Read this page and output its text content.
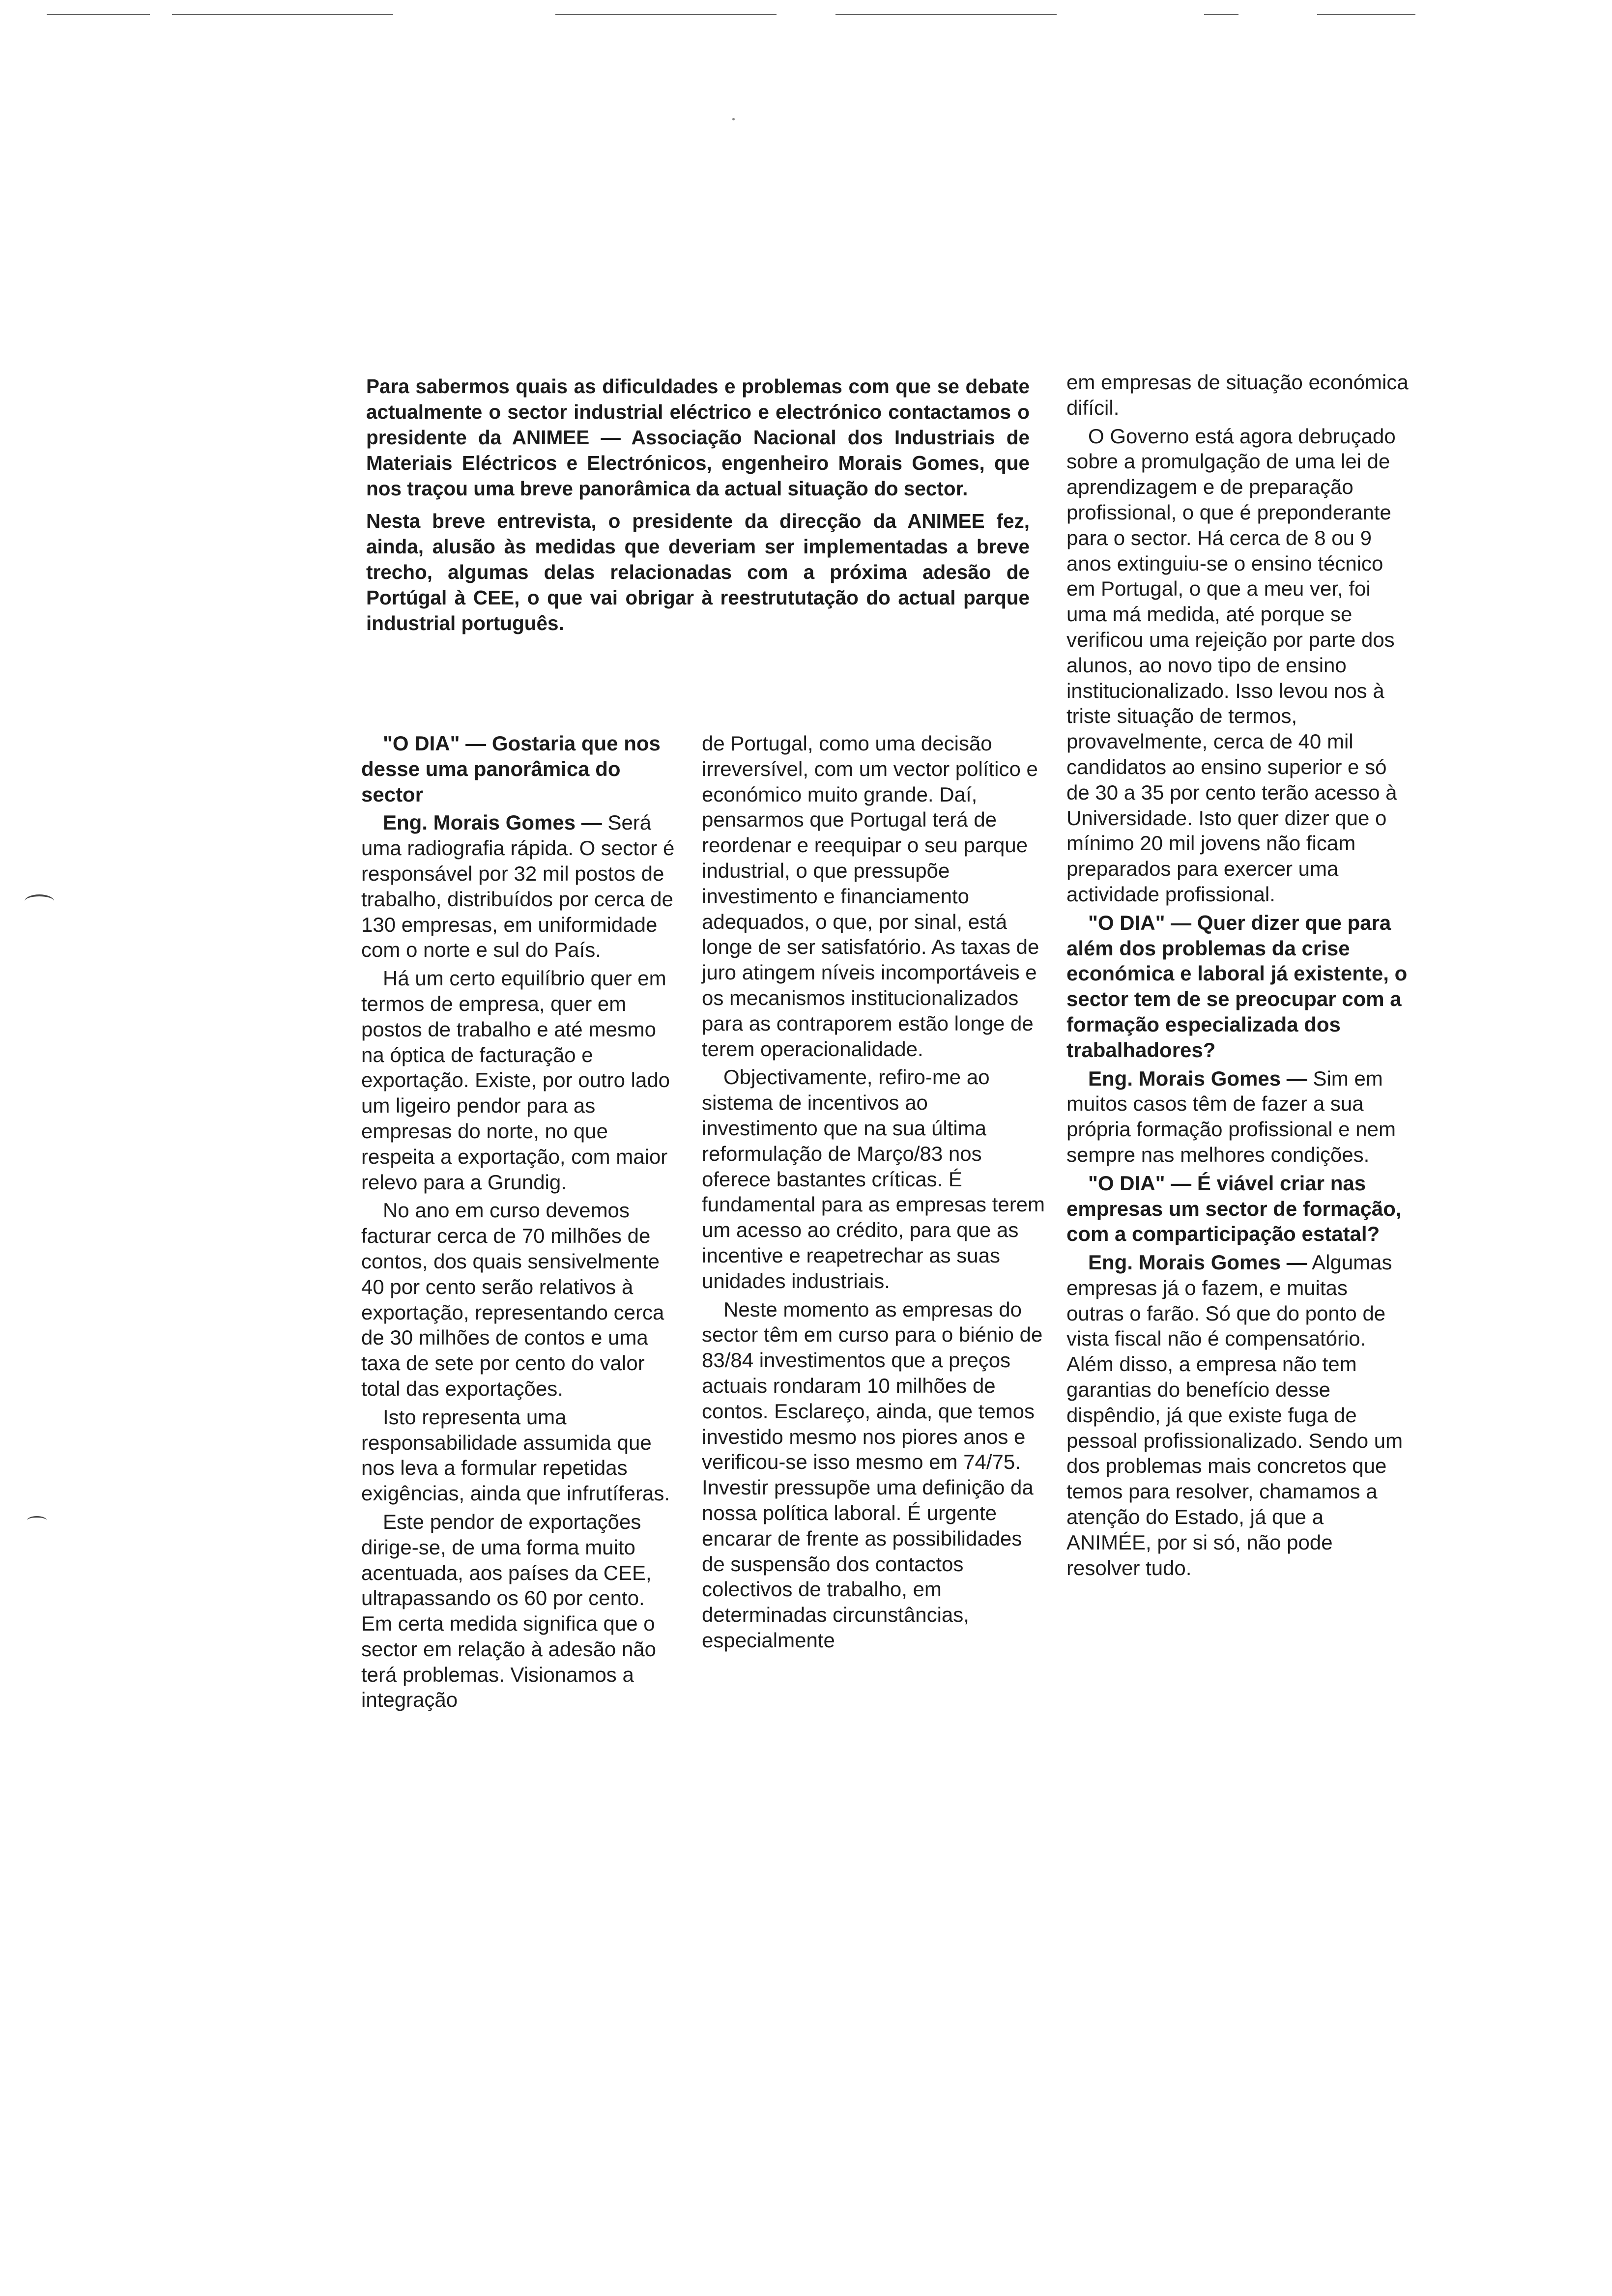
Para sabermos quais as dificuldades e problemas com que se debate actualmente o sector industrial eléctrico e electrónico contactamos o presidente da ANIMEE — Associação Nacional dos Industriais de Materiais Eléctricos e Electrónicos, engenheiro Morais Gomes, que nos traçou uma breve panorâmica da actual situação do sector.

Nesta breve entrevista, o presidente da direcção da ANIMEE fez, ainda, alusão às medidas que deveriam ser implementadas a breve trecho, algumas delas relacionadas com a próxima adesão de Portúgal à CEE, o que vai obrigar à reestrututação do actual parque industrial português.

"O DIA" — Gostaria que nos desse uma panorâmica do sector

Eng. Morais Gomes — Será uma radiografia rápida. O sector é responsável por 32 mil postos de trabalho, distribuídos por cerca de 130 empresas, em uniformidade com o norte e sul do País.

Há um certo equilíbrio quer em termos de empresa, quer em postos de trabalho e até mesmo na óptica de facturação e exportação. Existe, por outro lado um ligeiro pendor para as empresas do norte, no que respeita a exportação, com maior relevo para a Grundig.

No ano em curso devemos facturar cerca de 70 milhões de contos, dos quais sensivelmente 40 por cento serão relativos à exportação, representando cerca de 30 milhões de contos e uma taxa de sete por cento do valor total das exportações.

Isto representa uma responsabilidade assumida que nos leva a formular repetidas exigências, ainda que infrutíferas.

Este pendor de exportações dirige-se, de uma forma muito acentuada, aos países da CEE, ultrapassando os 60 por cento. Em certa medida significa que o sector em relação à adesão não terá problemas. Visionamos a integração

de Portugal, como uma decisão irreversível, com um vector político e económico muito grande. Daí, pensarmos que Portugal terá de reordenar e reequipar o seu parque industrial, o que pressupõe investimento e financiamento adequados, o que, por sinal, está longe de ser satisfatório. As taxas de juro atingem níveis incomportáveis e os mecanismos institucionalizados para as contraporem estão longe de terem operacionalidade.

Objectivamente, refiro-me ao sistema de incentivos ao investimento que na sua última reformulação de Março/83 nos oferece bastantes críticas. É fundamental para as empresas terem um acesso ao crédito, para que as incentive e reapetrechar as suas unidades industriais.

Neste momento as empresas do sector têm em curso para o biénio de 83/84 investimentos que a preços actuais rondaram 10 milhões de contos. Esclareço, ainda, que temos investido mesmo nos piores anos e verificou-se isso mesmo em 74/75. Investir pressupõe uma definição da nossa política laboral. É urgente encarar de frente as possibilidades de suspensão dos contactos colectivos de trabalho, em determinadas circunstâncias, especialmente

em empresas de situação económica difícil.

O Governo está agora debruçado sobre a promulgação de uma lei de aprendizagem e de preparação profissional, o que é preponderante para o sector. Há cerca de 8 ou 9 anos extinguiu-se o ensino técnico em Portugal, o que a meu ver, foi uma má medida, até porque se verificou uma rejeição por parte dos alunos, ao novo tipo de ensino institucionalizado. Isso levou nos à triste situação de termos, provavelmente, cerca de 40 mil candidatos ao ensino superior e só de 30 a 35 por cento terão acesso à Universidade. Isto quer dizer que o mínimo 20 mil jovens não ficam preparados para exercer uma actividade profissional.

"O DIA" — Quer dizer que para além dos problemas da crise económica e laboral já existente, o sector tem de se preocupar com a formação especializada dos trabalhadores?

Eng. Morais Gomes — Sim em muitos casos têm de fazer a sua própria formação profissional e nem sempre nas melhores condições.

"O DIA" — É viável criar nas empresas um sector de formação, com a comparticipação estatal?

Eng. Morais Gomes — Algumas empresas já o fazem, e muitas outras o farão. Só que do ponto de vista fiscal não é compensatório. Além disso, a empresa não tem garantias do benefício desse dispêndio, já que existe fuga de pessoal profissionalizado. Sendo um dos problemas mais concretos que temos para resolver, chamamos a atenção do Estado, já que a ANIMÉE, por si só, não pode resolver tudo.
